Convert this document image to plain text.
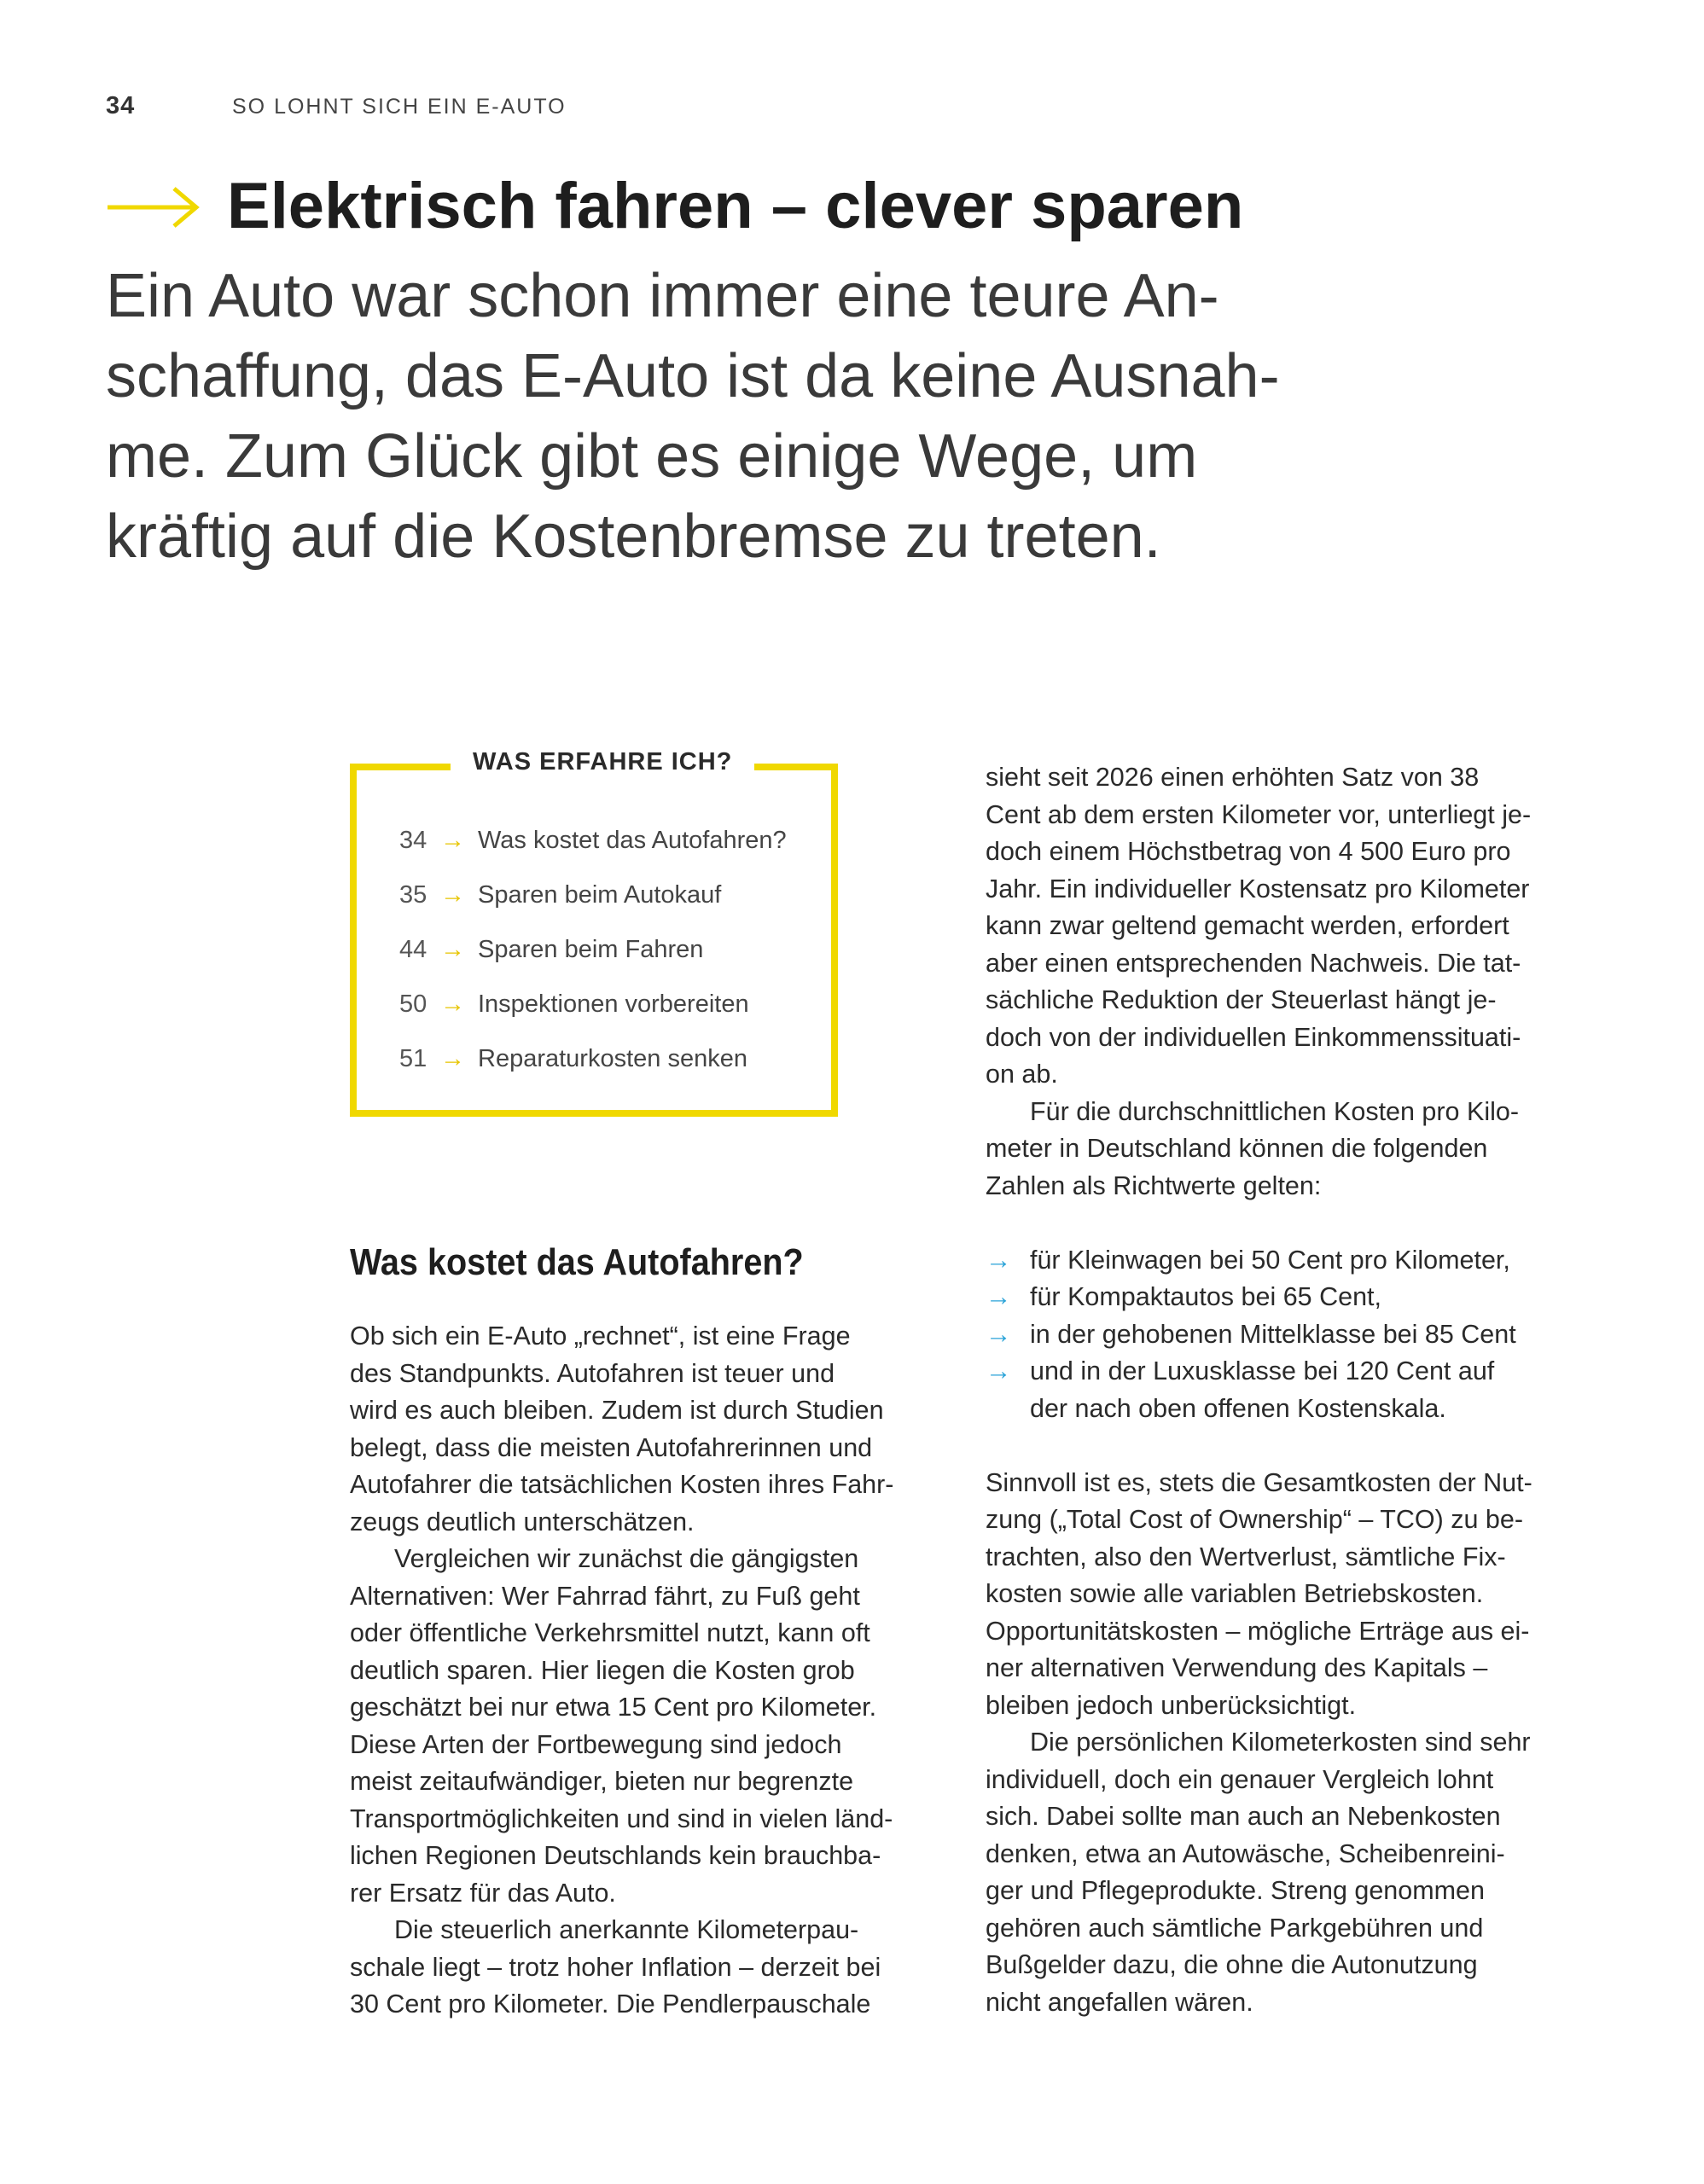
34	SO LOHNT SICH EIN E-AUTO
Elektrisch fahren – clever sparen
Ein Auto war schon immer eine teure An-
schaffung, das E-Auto ist da keine Ausnah-
me. Zum Glück gibt es einige Wege, um
kräftig auf die Kostenbremse zu treten.
WAS ERFAHRE ICH?
34 → Was kostet das Autofahren?
35 → Sparen beim Autokauf
44 → Sparen beim Fahren
50 → Inspektionen vorbereiten
51 → Reparaturkosten senken
Was kostet das Autofahren?
Ob sich ein E-Auto „rechnet“, ist eine Frage
des Standpunkts. Autofahren ist teuer und
wird es auch bleiben. Zudem ist durch Studien
belegt, dass die meisten Autofahrerinnen und
Autofahrer die tatsächlichen Kosten ihres Fahr-
zeugs deutlich unterschätzen.
Vergleichen wir zunächst die gängigsten
Alternativen: Wer Fahrrad fährt, zu Fuß geht
oder öffentliche Verkehrsmittel nutzt, kann oft
deutlich sparen. Hier liegen die Kosten grob
geschätzt bei nur etwa 15 Cent pro Kilometer.
Diese Arten der Fortbewegung sind jedoch
meist zeitaufwändiger, bieten nur begrenzte
Transportmöglichkeiten und sind in vielen länd-
lichen Regionen Deutschlands kein brauchba-
rer Ersatz für das Auto.
Die steuerlich anerkannte Kilometerpau-
schale liegt – trotz hoher Inflation – derzeit bei
30 Cent pro Kilometer. Die Pendlerpauschale
sieht seit 2026 einen erhöhten Satz von 38
Cent ab dem ersten Kilometer vor, unterliegt je-
doch einem Höchstbetrag von 4 500 Euro pro
Jahr. Ein individueller Kostensatz pro Kilometer
kann zwar geltend gemacht werden, erfordert
aber einen entsprechenden Nachweis. Die tat-
sächliche Reduktion der Steuerlast hängt je-
doch von der individuellen Einkommenssituati-
on ab.
Für die durchschnittlichen Kosten pro Kilo-
meter in Deutschland können die folgenden
Zahlen als Richtwerte gelten:
→ für Kleinwagen bei 50 Cent pro Kilometer,
→ für Kompaktautos bei 65 Cent,
→ in der gehobenen Mittelklasse bei 85 Cent
→ und in der Luxusklasse bei 120 Cent auf
der nach oben offenen Kostenskala.
Sinnvoll ist es, stets die Gesamtkosten der Nut-
zung („Total Cost of Ownership“ – TCO) zu be-
trachten, also den Wertverlust, sämtliche Fix-
kosten sowie alle variablen Betriebskosten.
Opportunitätskosten – mögliche Erträge aus ei-
ner alternativen Verwendung des Kapitals –
bleiben jedoch unberücksichtigt.
Die persönlichen Kilometerkosten sind sehr
individuell, doch ein genauer Vergleich lohnt
sich. Dabei sollte man auch an Nebenkosten
denken, etwa an Autowäsche, Scheibenreini-
ger und Pflegeprodukte. Streng genommen
gehören auch sämtliche Parkgebühren und
Bußgelder dazu, die ohne die Autonutzung
nicht angefallen wären.
